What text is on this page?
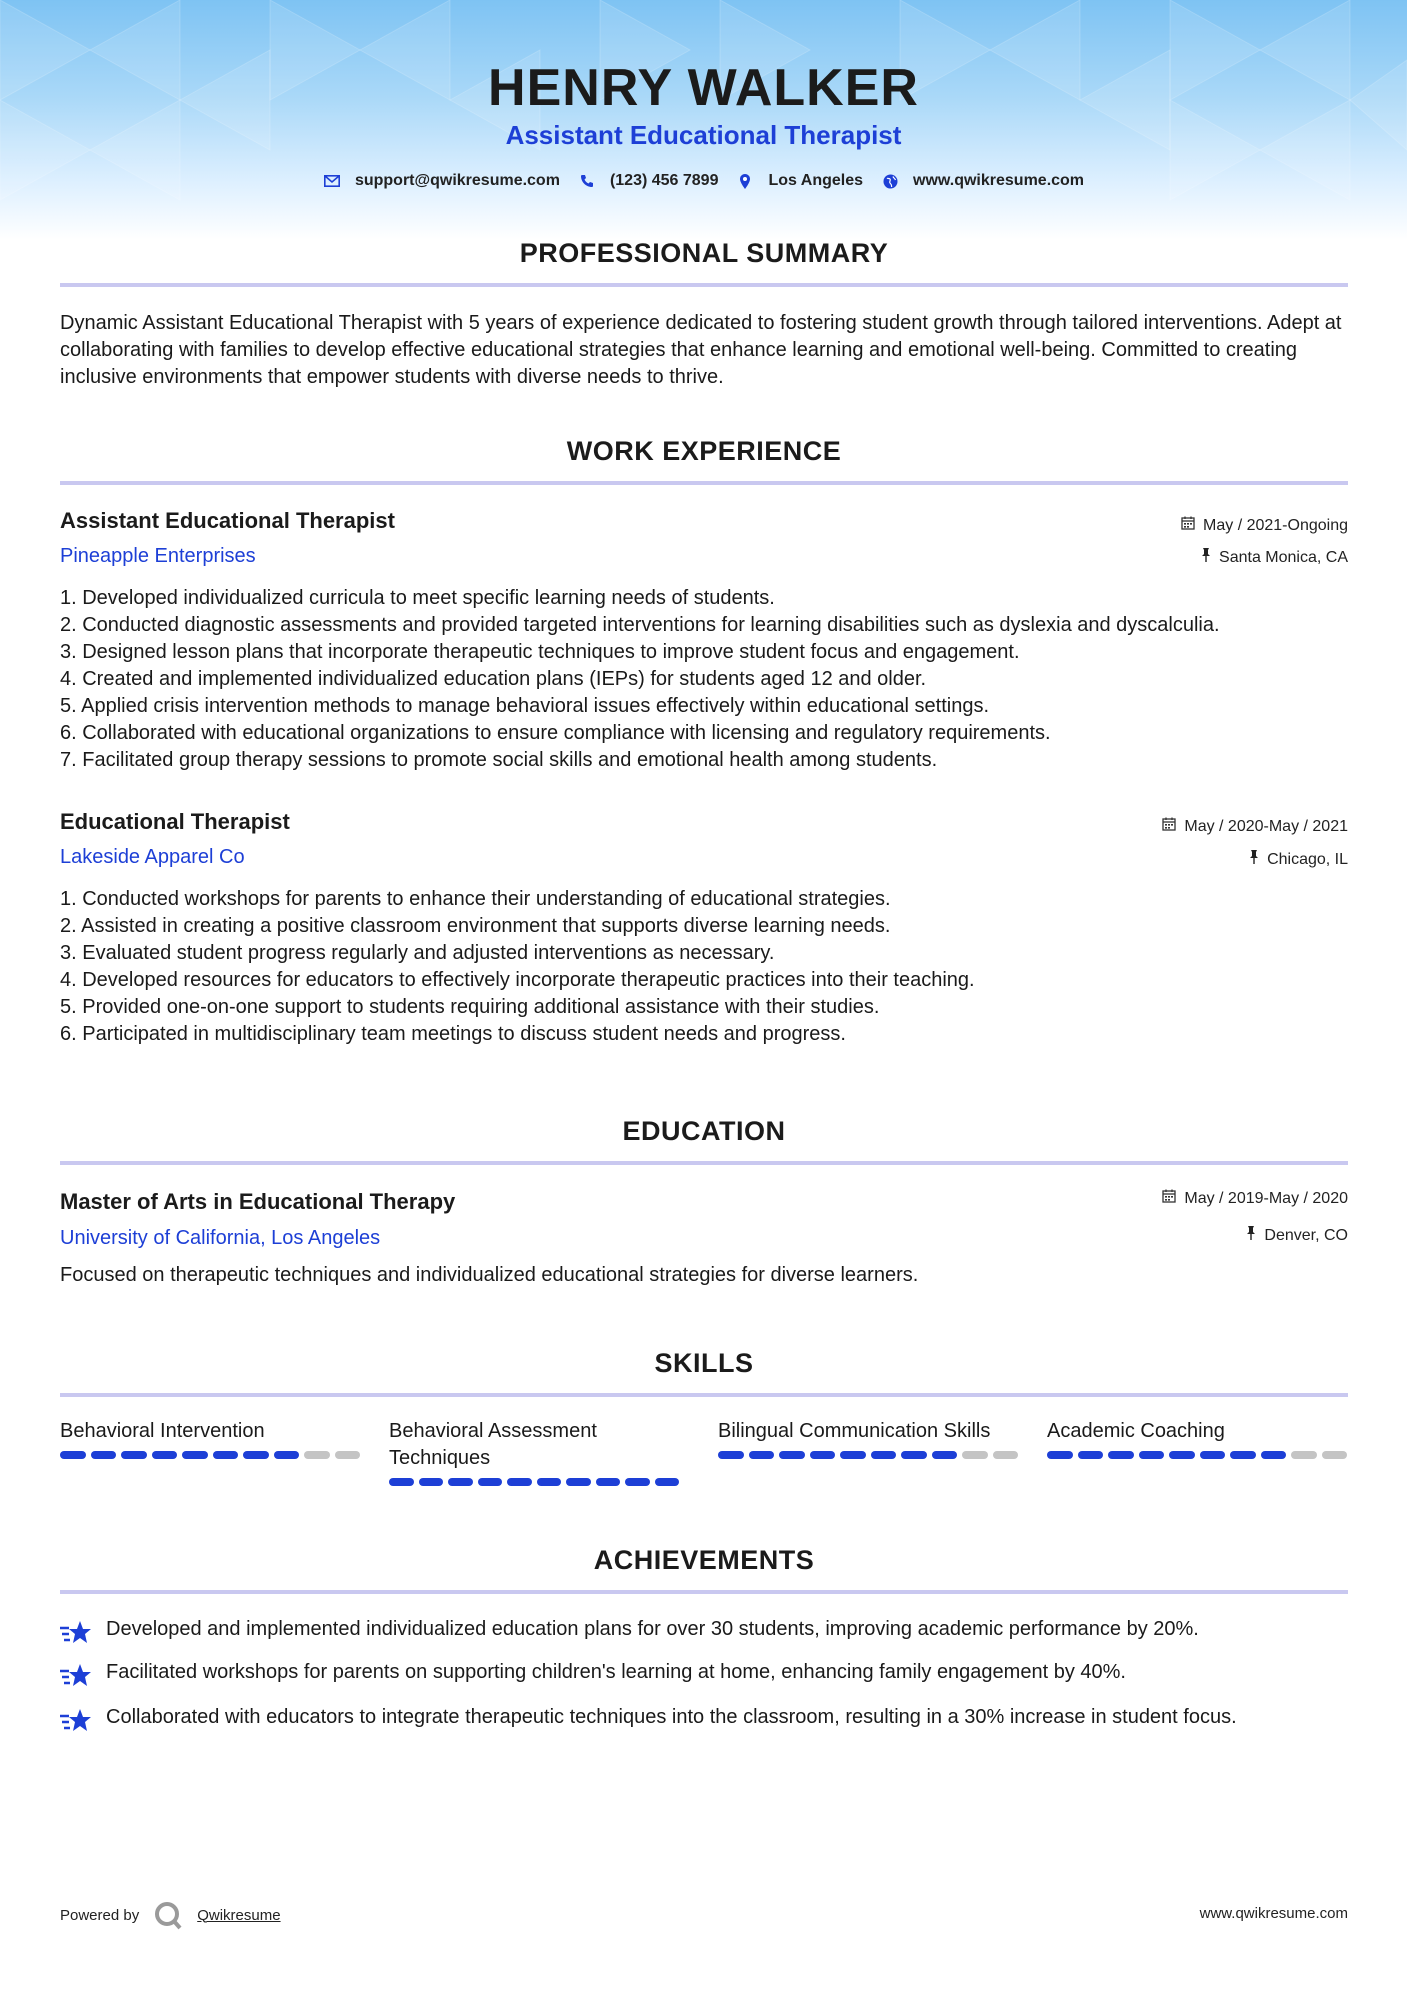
HENRY WALKER
Assistant Educational Therapist
support@qwikresume.com	(123) 456 7899	Los Angeles	www.qwikresume.com
PROFESSIONAL SUMMARY
Dynamic Assistant Educational Therapist with 5 years of experience dedicated to fostering student growth through tailored interventions. Adept at collaborating with families to develop effective educational strategies that enhance learning and emotional well-being. Committed to creating inclusive environments that empower students with diverse needs to thrive.
WORK EXPERIENCE
Assistant Educational Therapist
Pineapple Enterprises
May / 2021-Ongoing
Santa Monica, CA
1. Developed individualized curricula to meet specific learning needs of students.
2. Conducted diagnostic assessments and provided targeted interventions for learning disabilities such as dyslexia and dyscalculia.
3. Designed lesson plans that incorporate therapeutic techniques to improve student focus and engagement.
4. Created and implemented individualized education plans (IEPs) for students aged 12 and older.
5. Applied crisis intervention methods to manage behavioral issues effectively within educational settings.
6. Collaborated with educational organizations to ensure compliance with licensing and regulatory requirements.
7. Facilitated group therapy sessions to promote social skills and emotional health among students.
Educational Therapist
Lakeside Apparel Co
May / 2020-May / 2021
Chicago, IL
1. Conducted workshops for parents to enhance their understanding of educational strategies.
2. Assisted in creating a positive classroom environment that supports diverse learning needs.
3. Evaluated student progress regularly and adjusted interventions as necessary.
4. Developed resources for educators to effectively incorporate therapeutic practices into their teaching.
5. Provided one-on-one support to students requiring additional assistance with their studies.
6. Participated in multidisciplinary team meetings to discuss student needs and progress.
EDUCATION
Master of Arts in Educational Therapy
University of California, Los Angeles
May / 2019-May / 2020
Denver, CO
Focused on therapeutic techniques and individualized educational strategies for diverse learners.
SKILLS
Behavioral Intervention	Behavioral Assessment Techniques
Bilingual Communication Skills	Academic Coaching
ACHIEVEMENTS
Developed and implemented individualized education plans for over 30 students, improving academic performance by 20%.
Facilitated workshops for parents on supporting children's learning at home, enhancing family engagement by 40%.
Collaborated with educators to integrate therapeutic techniques into the classroom, resulting in a 30% increase in student focus.
Powered by	Qwikresume	www.qwikresume.com
